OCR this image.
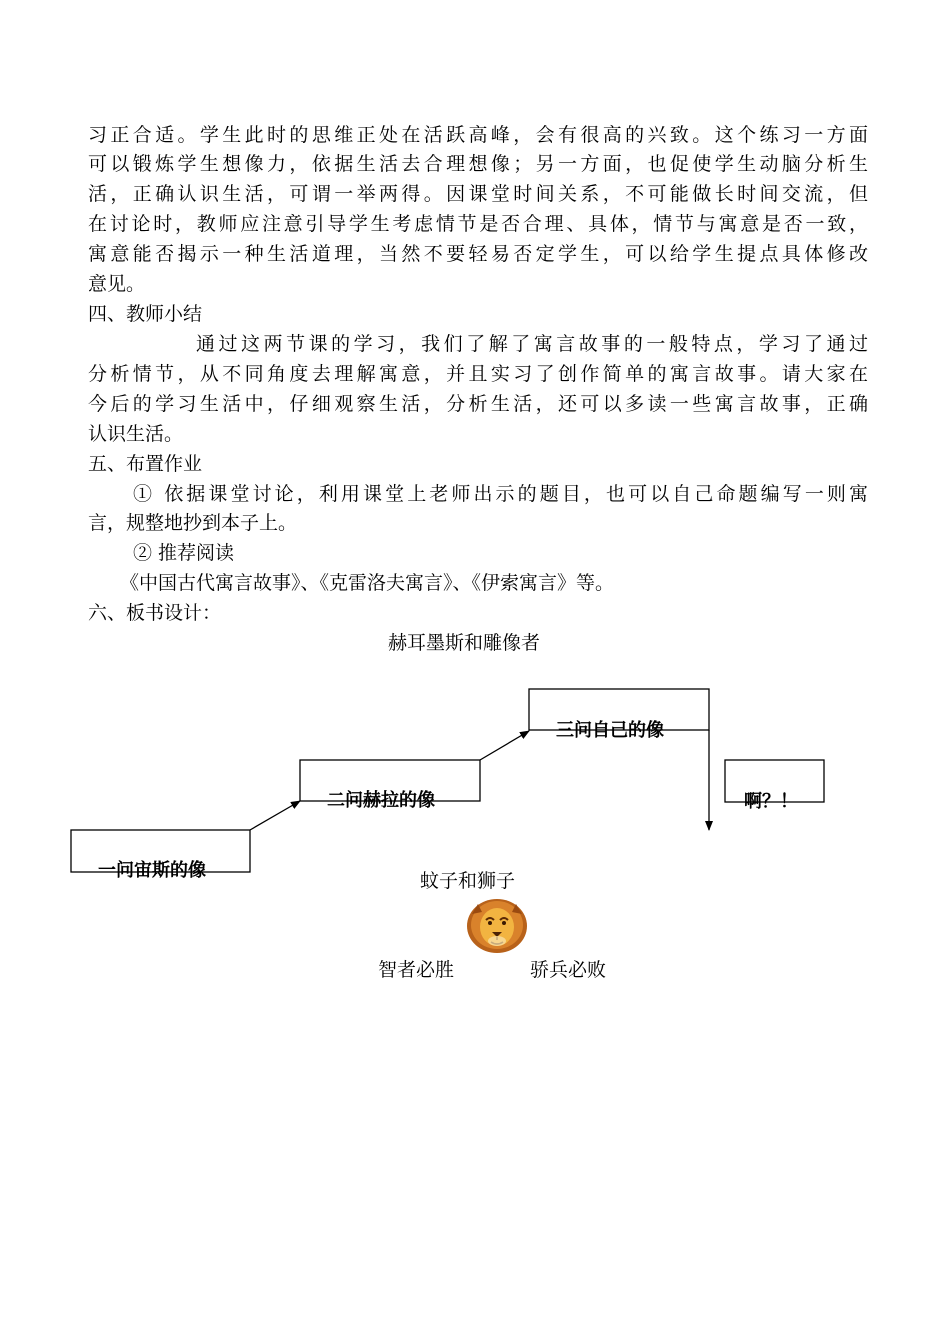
习正合适。学生此时的思维正处在活跃高峰，会有很高的兴致。这个练习一方面
可以锻炼学生想像力，依据生活去合理想像；另一方面，也促使学生动脑分析生
活，正确认识生活，可谓一举两得。因课堂时间关系，不可能做长时间交流，但
在讨论时，教师应注意引导学生考虑情节是否合理、具体，情节与寓意是否一致，
寓意能否揭示一种生活道理，当然不要轻易否定学生，可以给学生提点具体修改
意见。
四、教师小结
通过这两节课的学习，我们了解了寓言故事的一般特点，学习了通过
分析情节，从不同角度去理解寓意，并且实习了创作简单的寓言故事。请大家在
今后的学习生活中，仔细观察生活，分析生活，还可以多读一些寓言故事，正确
认识生活。
五、布置作业
① 依据课堂讨论，利用课堂上老师出示的题目，也可以自己命题编写一则寓
言，规整地抄到本子上。
② 推荐阅读
《中国古代寓言故事》、《克雷洛夫寓言》、《伊索寓言》等。
六、板书设计：
赫耳墨斯和雕像者
一问宙斯的像
二问赫拉的像
三问自己的像
啊？！
蚊子和狮子
智者必胜	骄兵必败
